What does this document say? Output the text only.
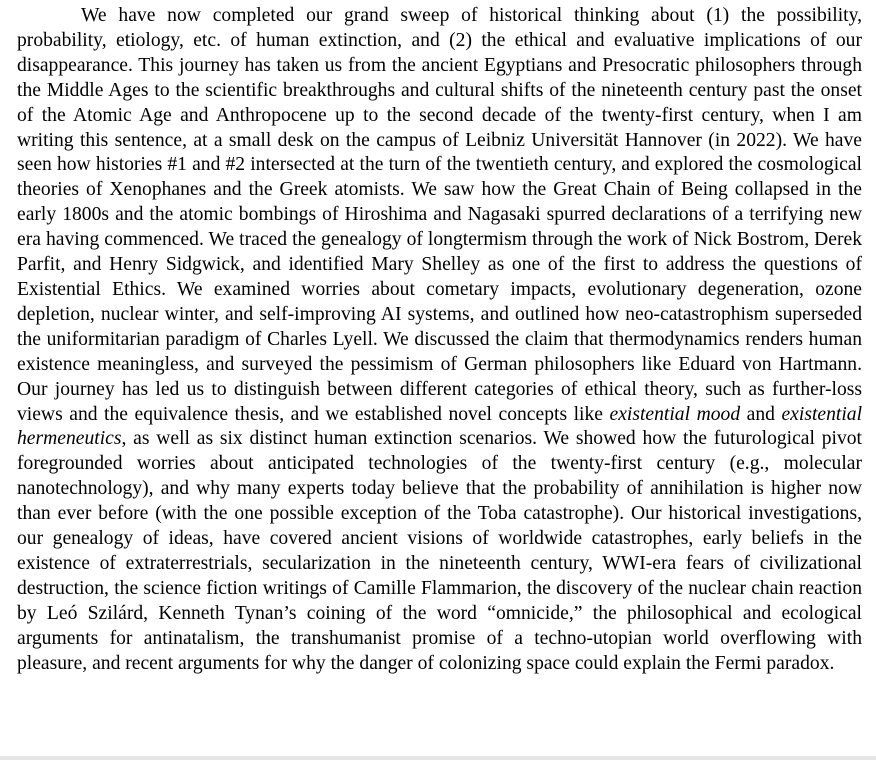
We have now completed our grand sweep of historical thinking about (1) the possibility, probability, etiology, etc. of human extinction, and (2) the ethical and evaluative implications of our disappearance. This journey has taken us from the ancient Egyptians and Presocratic philosophers through the Middle Ages to the scientific breakthroughs and cultural shifts of the nineteenth century past the onset of the Atomic Age and Anthropocene up to the second decade of the twenty-first century, when I am writing this sentence, at a small desk on the campus of Leibniz Universität Hannover (in 2022). We have seen how histories #1 and #2 intersected at the turn of the twentieth century, and explored the cosmological theories of Xenophanes and the Greek atomists. We saw how the Great Chain of Being collapsed in the early 1800s and the atomic bombings of Hiroshima and Nagasaki spurred declarations of a terrifying new era having commenced. We traced the genealogy of longtermism through the work of Nick Bostrom, Derek Parfit, and Henry Sidgwick, and identified Mary Shelley as one of the first to address the questions of Existential Ethics. We examined worries about cometary impacts, evolutionary degeneration, ozone depletion, nuclear winter, and self-improving AI systems, and outlined how neo-catastrophism superseded the uniformitarian paradigm of Charles Lyell. We discussed the claim that thermodynamics renders human existence meaningless, and surveyed the pessimism of German philosophers like Eduard von Hartmann. Our journey has led us to distinguish between different categories of ethical theory, such as further-loss views and the equivalence thesis, and we established novel concepts like existential mood and existential hermeneutics, as well as six distinct human extinction scenarios. We showed how the futurological pivot foregrounded worries about anticipated technologies of the twenty-first century (e.g., molecular nanotechnology), and why many experts today believe that the probability of annihilation is higher now than ever before (with the one possible exception of the Toba catastrophe). Our historical investigations, our genealogy of ideas, have covered ancient visions of worldwide catastrophes, early beliefs in the existence of extraterrestrials, secularization in the nineteenth century, WWI-era fears of civilizational destruction, the science fiction writings of Camille Flammarion, the discovery of the nuclear chain reaction by Leó Szilárd, Kenneth Tynan’s coining of the word “omnicide,” the philosophical and ecological arguments for antinatalism, the transhumanist promise of a techno-utopian world overflowing with pleasure, and recent arguments for why the danger of colonizing space could explain the Fermi paradox.
